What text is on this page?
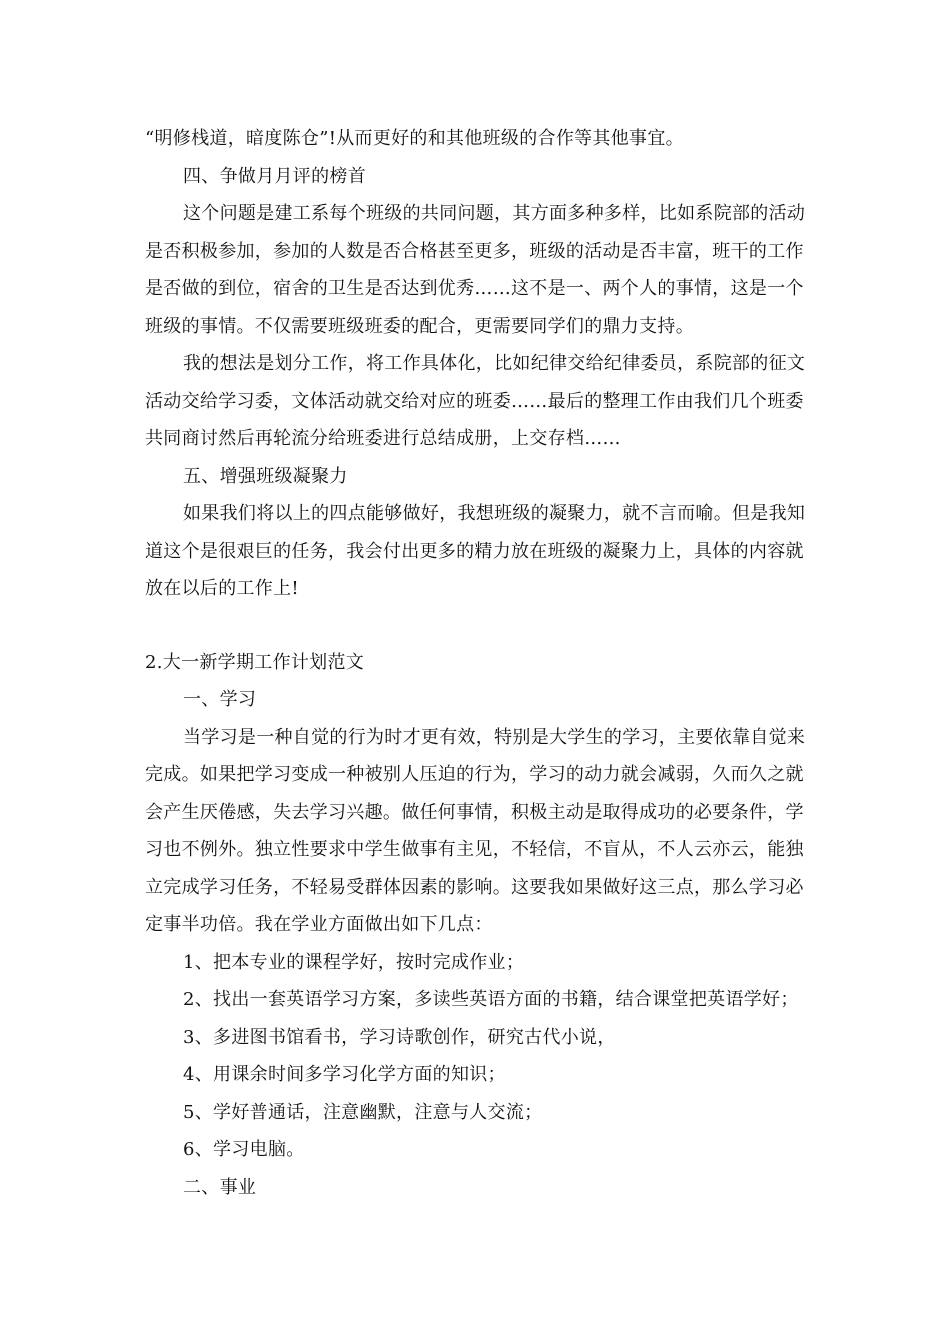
“明修栈道，暗度陈仓”!从而更好的和其他班级的合作等其他事宜。

四、争做月月评的榜首

这个问题是建工系每个班级的共同问题，其方面多种多样，比如系院部的活动是否积极参加，参加的人数是否合格甚至更多，班级的活动是否丰富，班干的工作是否做的到位，宿舍的卫生是否达到优秀……这不是一、两个人的事情，这是一个班级的事情。不仅需要班级班委的配合，更需要同学们的鼎力支持。

我的想法是划分工作，将工作具体化，比如纪律交给纪律委员，系院部的征文活动交给学习委，文体活动就交给对应的班委……最后的整理工作由我们几个班委共同商讨然后再轮流分给班委进行总结成册，上交存档……

五、增强班级凝聚力

如果我们将以上的四点能够做好，我想班级的凝聚力，就不言而喻。但是我知道这个是很艰巨的任务，我会付出更多的精力放在班级的凝聚力上，具体的内容就放在以后的工作上!

2.大一新学期工作计划范文

一、学习

当学习是一种自觉的行为时才更有效，特别是大学生的学习，主要依靠自觉来完成。如果把学习变成一种被别人压迫的行为，学习的动力就会减弱，久而久之就会产生厌倦感，失去学习兴趣。做任何事情，积极主动是取得成功的必要条件，学习也不例外。独立性要求中学生做事有主见，不轻信，不盲从，不人云亦云，能独立完成学习任务，不轻易受群体因素的影响。这要我如果做好这三点，那么学习必定事半功倍。我在学业方面做出如下几点：

1、把本专业的课程学好，按时完成作业；

2、找出一套英语学习方案，多读些英语方面的书籍，结合课堂把英语学好；

3、多进图书馆看书，学习诗歌创作，研究古代小说，

4、用课余时间多学习化学方面的知识；

5、学好普通话，注意幽默，注意与人交流；

6、学习电脑。

二、事业
